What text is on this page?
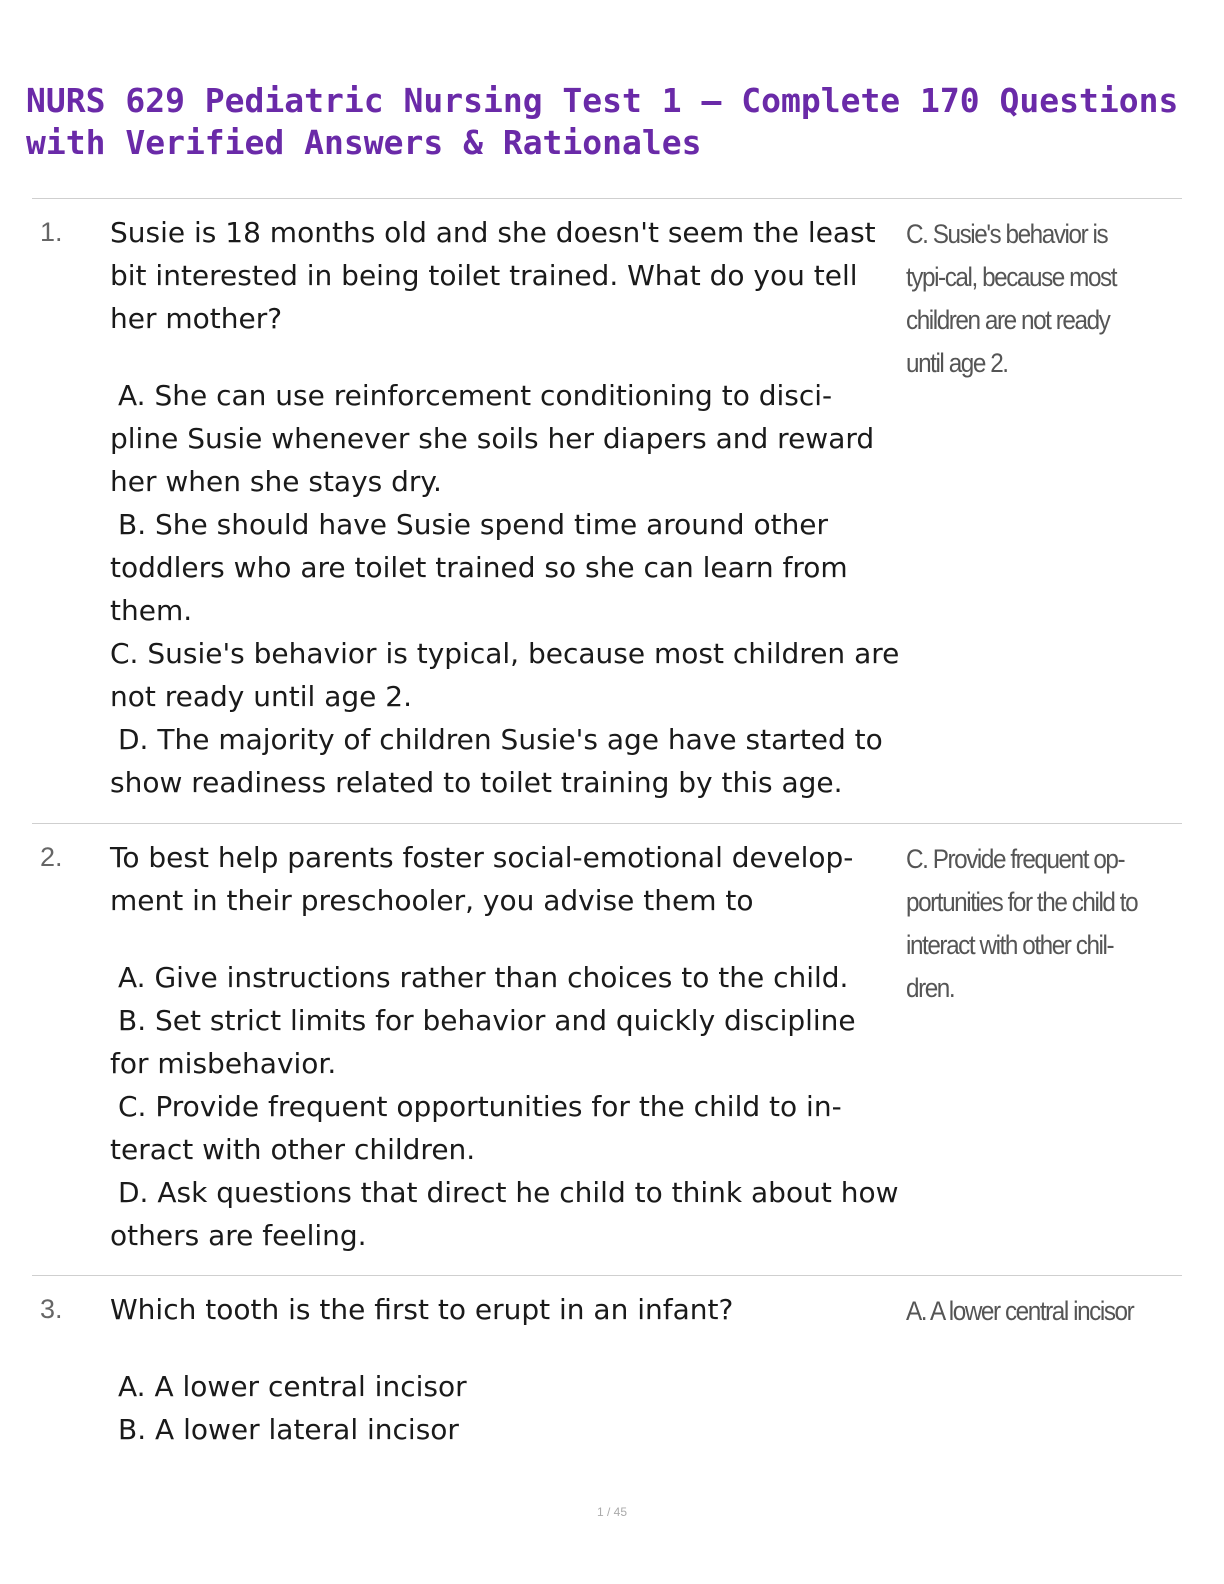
NURS 629 Pediatric Nursing Test 1 – Complete 170 Questions with Verified Answers & Rationales
1. Susie is 18 months old and she doesn't seem the least bit interested in being toilet trained. What do you tell her mother?

A. She can use reinforcement conditioning to disci-pline Susie whenever she soils her diapers and reward her when she stays dry.

B. She should have Susie spend time around other toddlers who are toilet trained so she can learn from them.

C. Susie's behavior is typical, because most children are not ready until age 2.

D. The majority of children Susie's age have started to show readiness related to toilet training by this age.

C. Susie's behavior is typi-cal, because most children are not ready until age 2.
2. To best help parents foster social-emotional develop-ment in their preschooler, you advise them to

A. Give instructions rather than choices to the child.

B. Set strict limits for behavior and quickly discipline for misbehavior.

C. Provide frequent opportunities for the child to in-teract with other children.

D. Ask questions that direct he child to think about how others are feeling.

C. Provide frequent op-portunities for the child to interact with other chil-dren.
3. Which tooth is the first to erupt in an infant?

A. A lower central incisor

B. A lower lateral incisor

A. A lower central incisor
1 / 45
